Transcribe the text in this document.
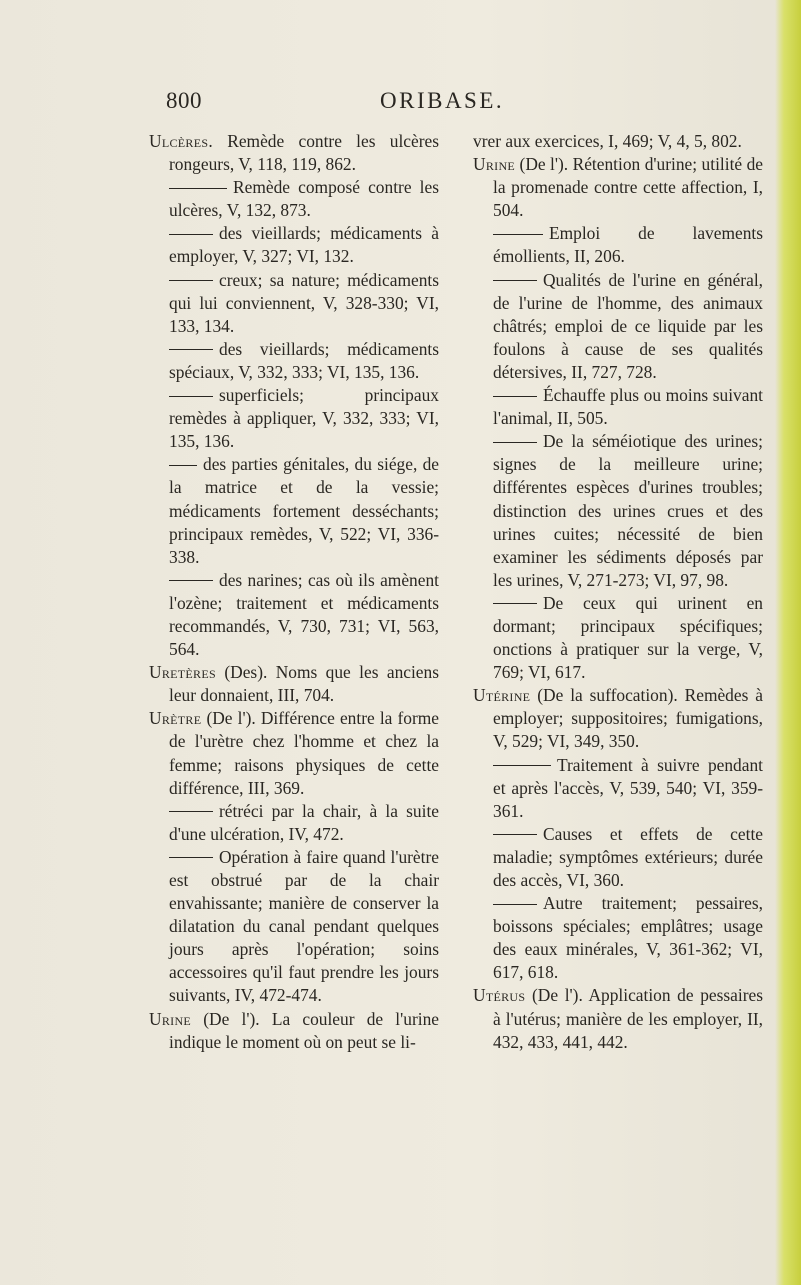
800	ORIBASE.

Ulcères. Remède contre les ulcères rongeurs, V, 118, 119, 862.

Remède composé contre les ulcères, V, 132, 873.

des vieillards; médicaments à employer, V, 327; VI, 132.

creux; sa nature; médicaments qui lui conviennent, V, 328-330; VI, 133, 134.

des vieillards; médicaments spéciaux, V, 332, 333; VI, 135, 136.

superficiels; principaux remèdes à appliquer, V, 332, 333; VI, 135, 136.

des parties génitales, du siége, de la matrice et de la vessie; médicaments fortement desséchants; principaux remèdes, V, 522; VI, 336-338.

des narines; cas où ils amènent l'ozène; traitement et médicaments recommandés, V, 730, 731; VI, 563, 564.

Uretères (Des). Noms que les anciens leur donnaient, III, 704.

Urètre (De l'). Différence entre la forme de l'urètre chez l'homme et chez la femme; raisons physiques de cette différence, III, 369.

rétréci par la chair, à la suite d'une ulcération, IV, 472.

Opération à faire quand l'urètre est obstrué par de la chair envahissante; manière de conserver la dilatation du canal pendant quelques jours après l'opération; soins accessoires qu'il faut prendre les jours suivants, IV, 472-474.

Urine (De l'). La couleur de l'urine indique le moment où on peut se li-

vrer aux exercices, I, 469; V, 4, 5, 802.

Urine (De l'). Rétention d'urine; utilité de la promenade contre cette affection, I, 504.

Emploi de lavements émollients, II, 206.

Qualités de l'urine en général, de l'urine de l'homme, des animaux châtrés; emploi de ce liquide par les foulons à cause de ses qualités détersives, II, 727, 728.

Échauffe plus ou moins suivant l'animal, II, 505.

De la séméiotique des urines; signes de la meilleure urine; différentes espèces d'urines troubles; distinction des urines crues et des urines cuites; nécessité de bien examiner les sédiments déposés par les urines, V, 271-273; VI, 97, 98.

De ceux qui urinent en dormant; principaux spécifiques; onctions à pratiquer sur la verge, V, 769; VI, 617.

Utérine (De la suffocation). Remèdes à employer; suppositoires; fumigations, V, 529; VI, 349, 350.

Traitement à suivre pendant et après l'accès, V, 539, 540; VI, 359-361.

Causes et effets de cette maladie; symptômes extérieurs; durée des accès, VI, 360.

Autre traitement; pessaires, boissons spéciales; emplâtres; usage des eaux minérales, V, 361-362; VI, 617, 618.

Utérus (De l'). Application de pessaires à l'utérus; manière de les employer, II, 432, 433, 441, 442.
